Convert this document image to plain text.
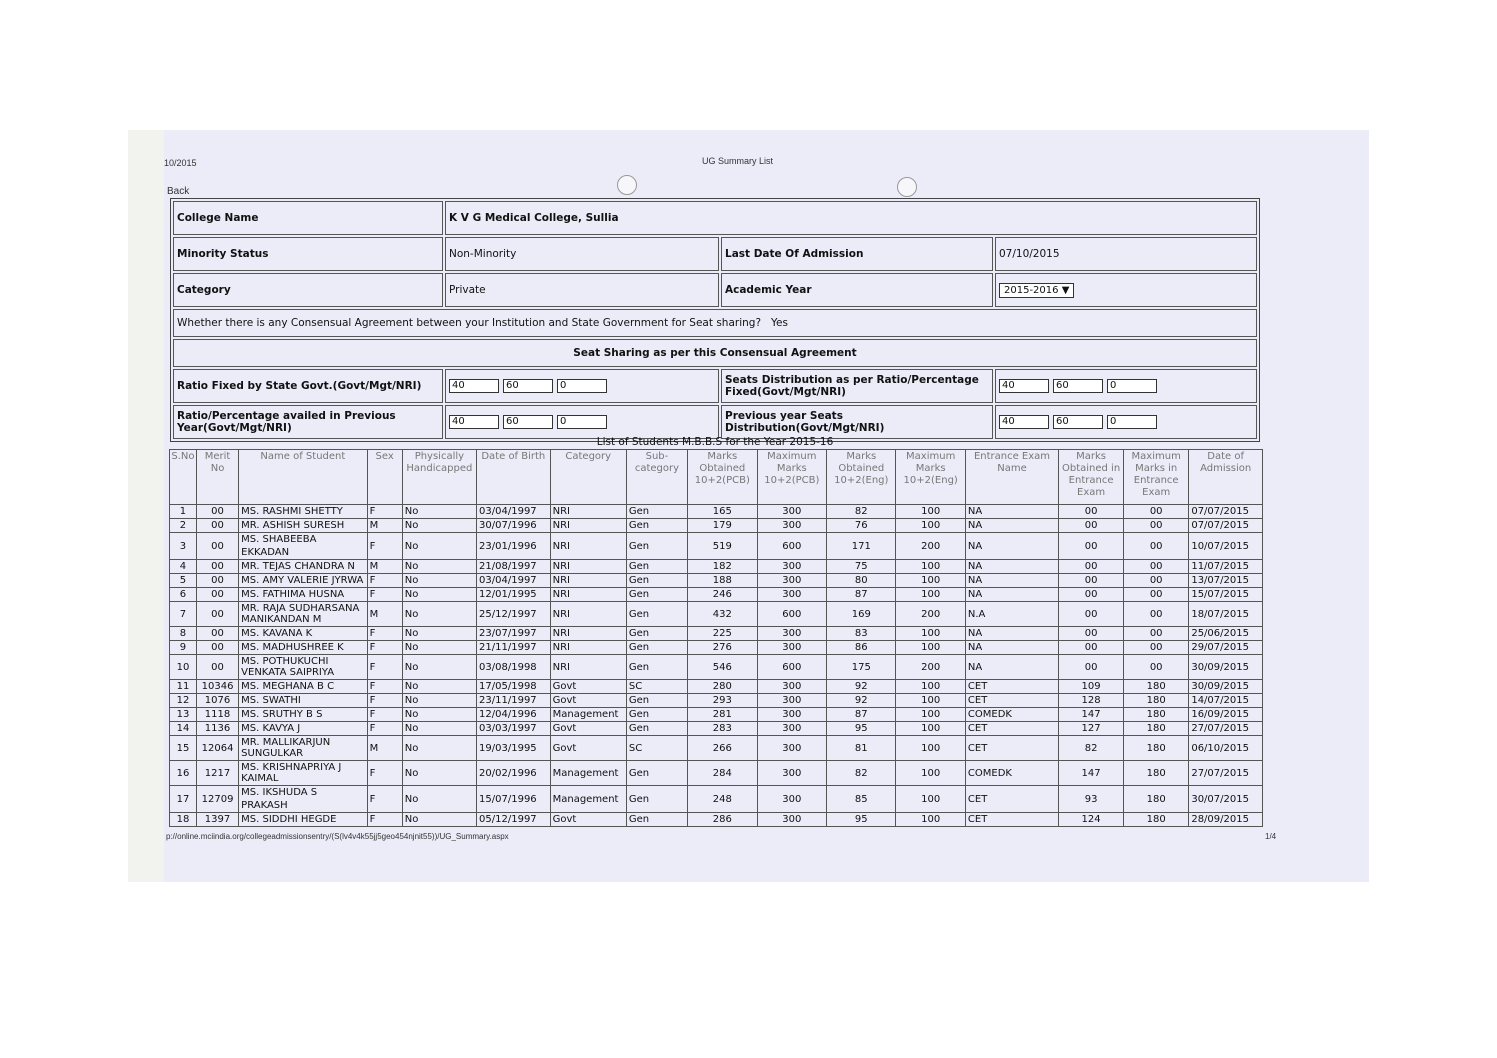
10/2015	UG Summary List
Back
College Name	K V G Medical College, Sullia		
Minority Status	Non-Minority	Last Date Of Admission	07/10/2015
Category	Private	Academic Year	2015-2016 ▼
Whether there is any Consensual Agreement between your Institution and State Government for Seat sharing? Yes			
Seat Sharing as per this Consensual Agreement			
Ratio Fixed by State Govt.(Govt/Mgt/NRI)	40 60 0	Seats Distribution as per Ratio/Percentage Fixed(Govt/Mgt/NRI)	40 60 0
Ratio/Percentage availed in Previous Year(Govt/Mgt/NRI)	40 60 0	Previous year Seats Distribution(Govt/Mgt/NRI)	40 60 0
List of Students M.B.B.S for the Year 2015-16
S.No	Merit No	Name of Student	Sex	Physically Handicapped	Date of Birth	Category	Sub-category	Marks Obtained 10+2(PCB)	Maximum Marks 10+2(PCB)	Marks Obtained 10+2(Eng)	Maximum Marks 10+2(Eng)	Entrance Exam Name	Marks Obtained in Entrance Exam	Maximum Marks in Entrance Exam	Date of Admission
1	00	MS. RASHMI SHETTY	F	No	03/04/1997	NRI	Gen	165	300	82	100	NA	00	00	07/07/2015
2	00	MR. ASHISH SURESH	M	No	30/07/1996	NRI	Gen	179	300	76	100	NA	00	00	07/07/2015
3	00	MS. SHABEEBA EKKADAN	F	No	23/01/1996	NRI	Gen	519	600	171	200	NA	00	00	10/07/2015
4	00	MR. TEJAS CHANDRA N	M	No	21/08/1997	NRI	Gen	182	300	75	100	NA	00	00	11/07/2015
5	00	MS. AMY VALERIE JYRWA	F	No	03/04/1997	NRI	Gen	188	300	80	100	NA	00	00	13/07/2015
6	00	MS. FATHIMA HUSNA	F	No	12/01/1995	NRI	Gen	246	300	87	100	NA	00	00	15/07/2015
7	00	MR. RAJA SUDHARSANA MANIKANDAN M	M	No	25/12/1997	NRI	Gen	432	600	169	200	N.A	00	00	18/07/2015
8	00	MS. KAVANA K	F	No	23/07/1997	NRI	Gen	225	300	83	100	NA	00	00	25/06/2015
9	00	MS. MADHUSHREE K	F	No	21/11/1997	NRI	Gen	276	300	86	100	NA	00	00	29/07/2015
10	00	MS. POTHUKUCHI VENKATA SAIPRIYA	F	No	03/08/1998	NRI	Gen	546	600	175	200	NA	00	00	30/09/2015
11	10346	MS. MEGHANA B C	F	No	17/05/1998	Govt	SC	280	300	92	100	CET	109	180	30/09/2015
12	1076	MS. SWATHI	F	No	23/11/1997	Govt	Gen	293	300	92	100	CET	128	180	14/07/2015
13	1118	MS. SRUTHY B S	F	No	12/04/1996	Management	Gen	281	300	87	100	COMEDK	147	180	16/09/2015
14	1136	MS. KAVYA J	F	No	03/03/1997	Govt	Gen	283	300	95	100	CET	127	180	27/07/2015
15	12064	MR. MALLIKARJUN SUNGULKAR	M	No	19/03/1995	Govt	SC	266	300	81	100	CET	82	180	06/10/2015
16	1217	MS. KRISHNAPRIYA J KAIMAL	F	No	20/02/1996	Management	Gen	284	300	82	100	COMEDK	147	180	27/07/2015
17	12709	MS. IKSHUDA S PRAKASH	F	No	15/07/1996	Management	Gen	248	300	85	100	CET	93	180	30/07/2015
18	1397	MS. SIDDHI HEGDE	F	No	05/12/1997	Govt	Gen	286	300	95	100	CET	124	180	28/09/2015
p://online.mciindia.org/collegeadmissionsentry/(S(lv4v4k55jj5geo454njnit55))/UG_Summary.aspx	1/4
